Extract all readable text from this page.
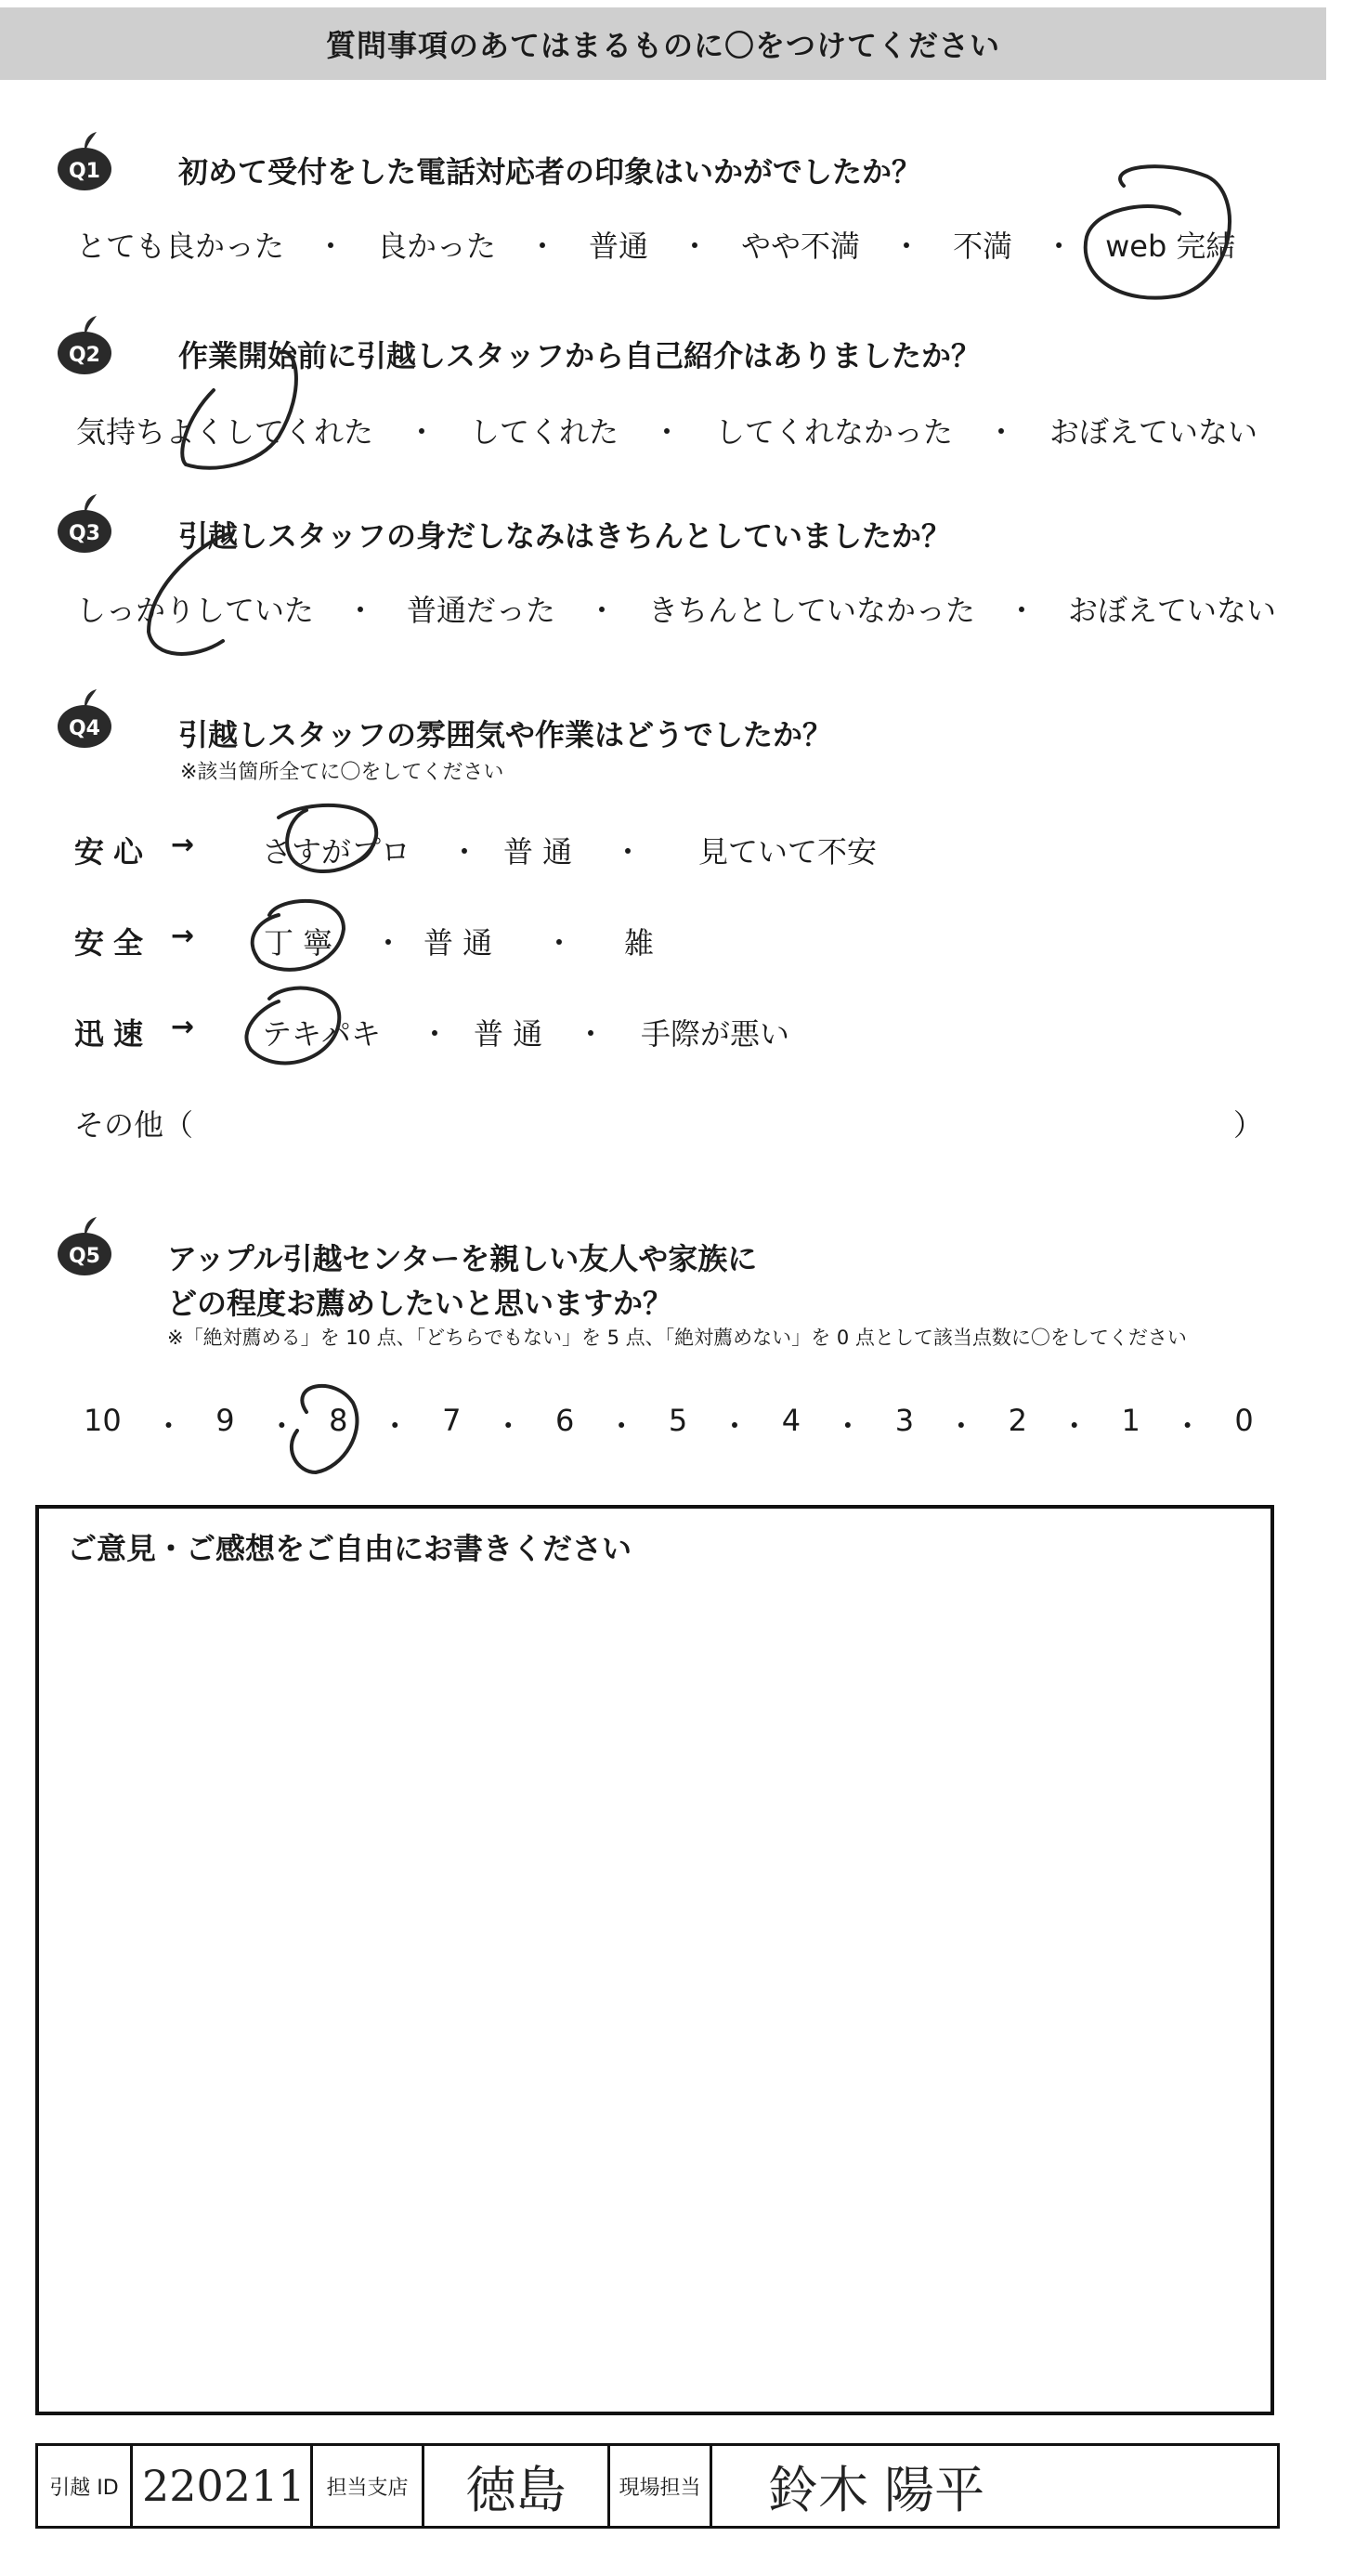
質問事項のあてはまるものに〇をつけてください
Q1	初めて受付をした電話対応者の印象はいかがでしたか？
とても良かった	・	良かった	・	普通	・	やや不満	・	不満	・	web 完結
Q2	作業開始前に引越しスタッフから自己紹介はありましたか？
気持ちよくしてくれた	・	してくれた	・	してくれなかった	・	おぼえていない
Q3	引越しスタッフの身だしなみはきちんとしていましたか？
しっかりしていた	・	普通だった	・	きちんとしていなかった	・	おぼえていない
Q4	引越しスタッフの雰囲気や作業はどうでしたか？
※該当箇所全てに〇をしてください
安心 → さすがプロ ・ 普 通 ・ 見ていて不安
安全 → 丁 寧 ・ 普 通 ・ 雑
迅速 → テキパキ ・ 普 通 ・ 手際が悪い
その他（	）
Q5 アップル引越センターを親しい友人や家族に
どの程度お薦めしたいと思いますか？
※「絶対薦める」を 10 点、「どちらでもない」を 5 点、「絶対薦めない」を 0 点として該当点数に〇をしてください
10 ・ 9 ・ 8 ・ 7 ・ 6 ・ 5 ・ 4 ・ 3 ・ 2 ・ 1 ・ 0
ご意見・ご感想をご自由にお書きください
引越 ID 220211	担当支店	徳島	現場担当 鈴木 陽平
